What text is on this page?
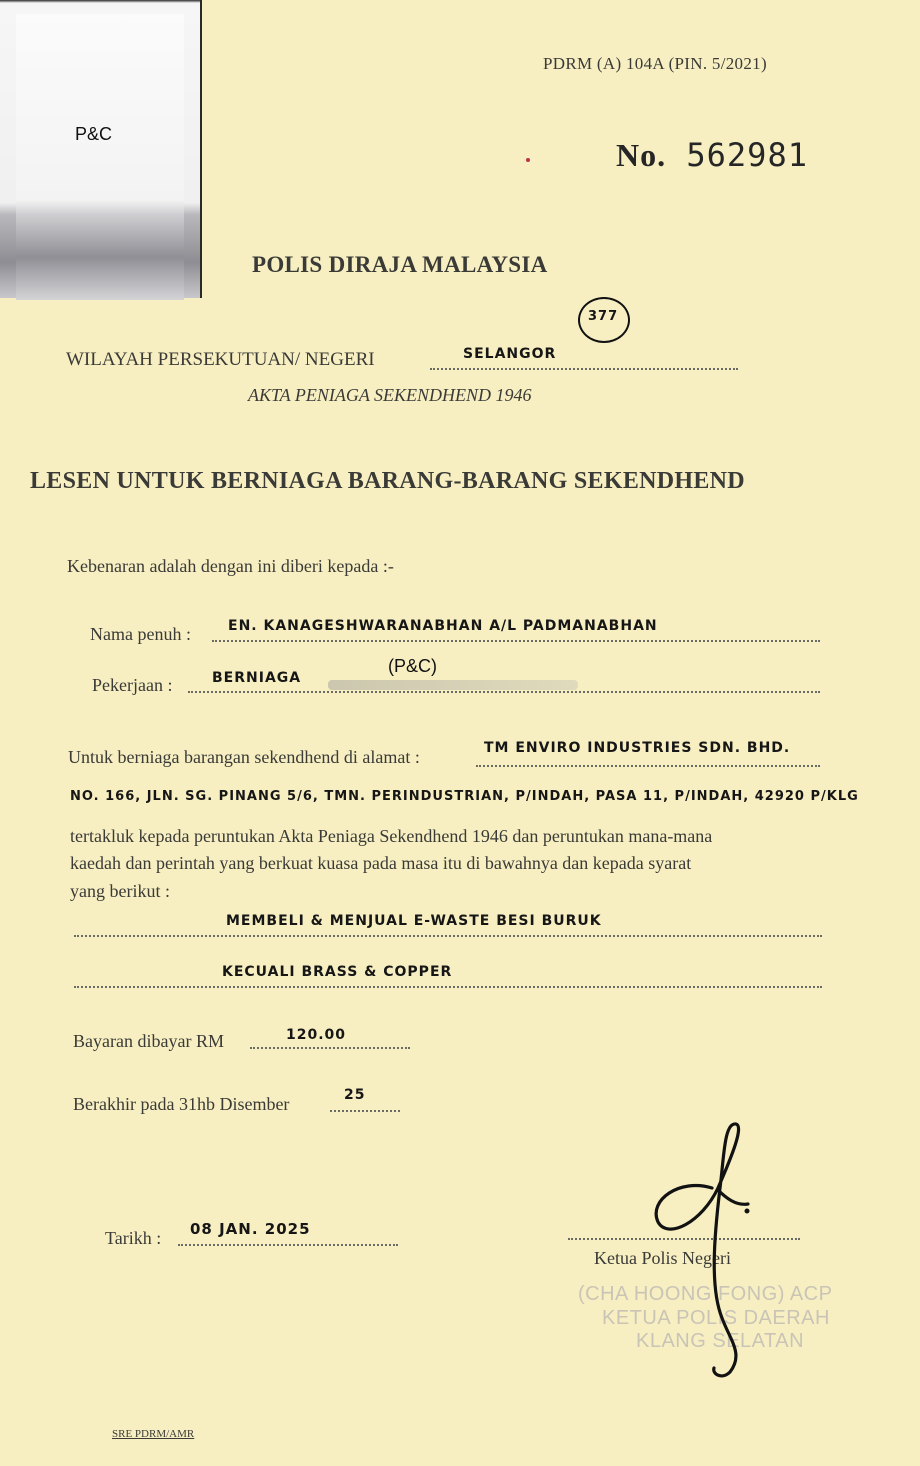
P&C
PDRM (A) 104A (PIN. 5/2021)
No. 562981
POLIS DIRAJA MALAYSIA
377
WILAYAH PERSEKUTUAN/ NEGERI	SELANGOR
AKTA PENIAGA SEKENDHEND 1946
LESEN UNTUK BERNIAGA BARANG-BARANG SEKENDHEND
Kebenaran adalah dengan ini diberi kepada :-
Nama penuh :	EN. KANAGESHWARANABHAN A/L PADMANABHAN
Pekerjaan :	BERNIAGA
(P&C)
Untuk berniaga barangan sekendhend di alamat :	TM ENVIRO INDUSTRIES SDN. BHD.
NO. 166, JLN. SG. PINANG 5/6, TMN. PERINDUSTRIAN, P/INDAH, PASA 11, P/INDAH, 42920 P/KLG
tertakluk kepada peruntukan Akta Peniaga Sekendhend 1946 dan peruntukan mana-mana
kaedah dan perintah yang berkuat kuasa pada masa itu di bawahnya dan kepada syarat
yang berikut :
MEMBELI & MENJUAL E-WASTE BESI BURUK
KECUALI BRASS & COPPER
Bayaran dibayar RM	120.00
Berakhir pada 31hb Disember	25
Tarikh : 08 JAN. 2025
(CHA HOONG FONG) ACP
KETUA POLIS DAERAH
KLANG SELATAN
Ketua Polis Negeri
SRE PDRM/AMR
